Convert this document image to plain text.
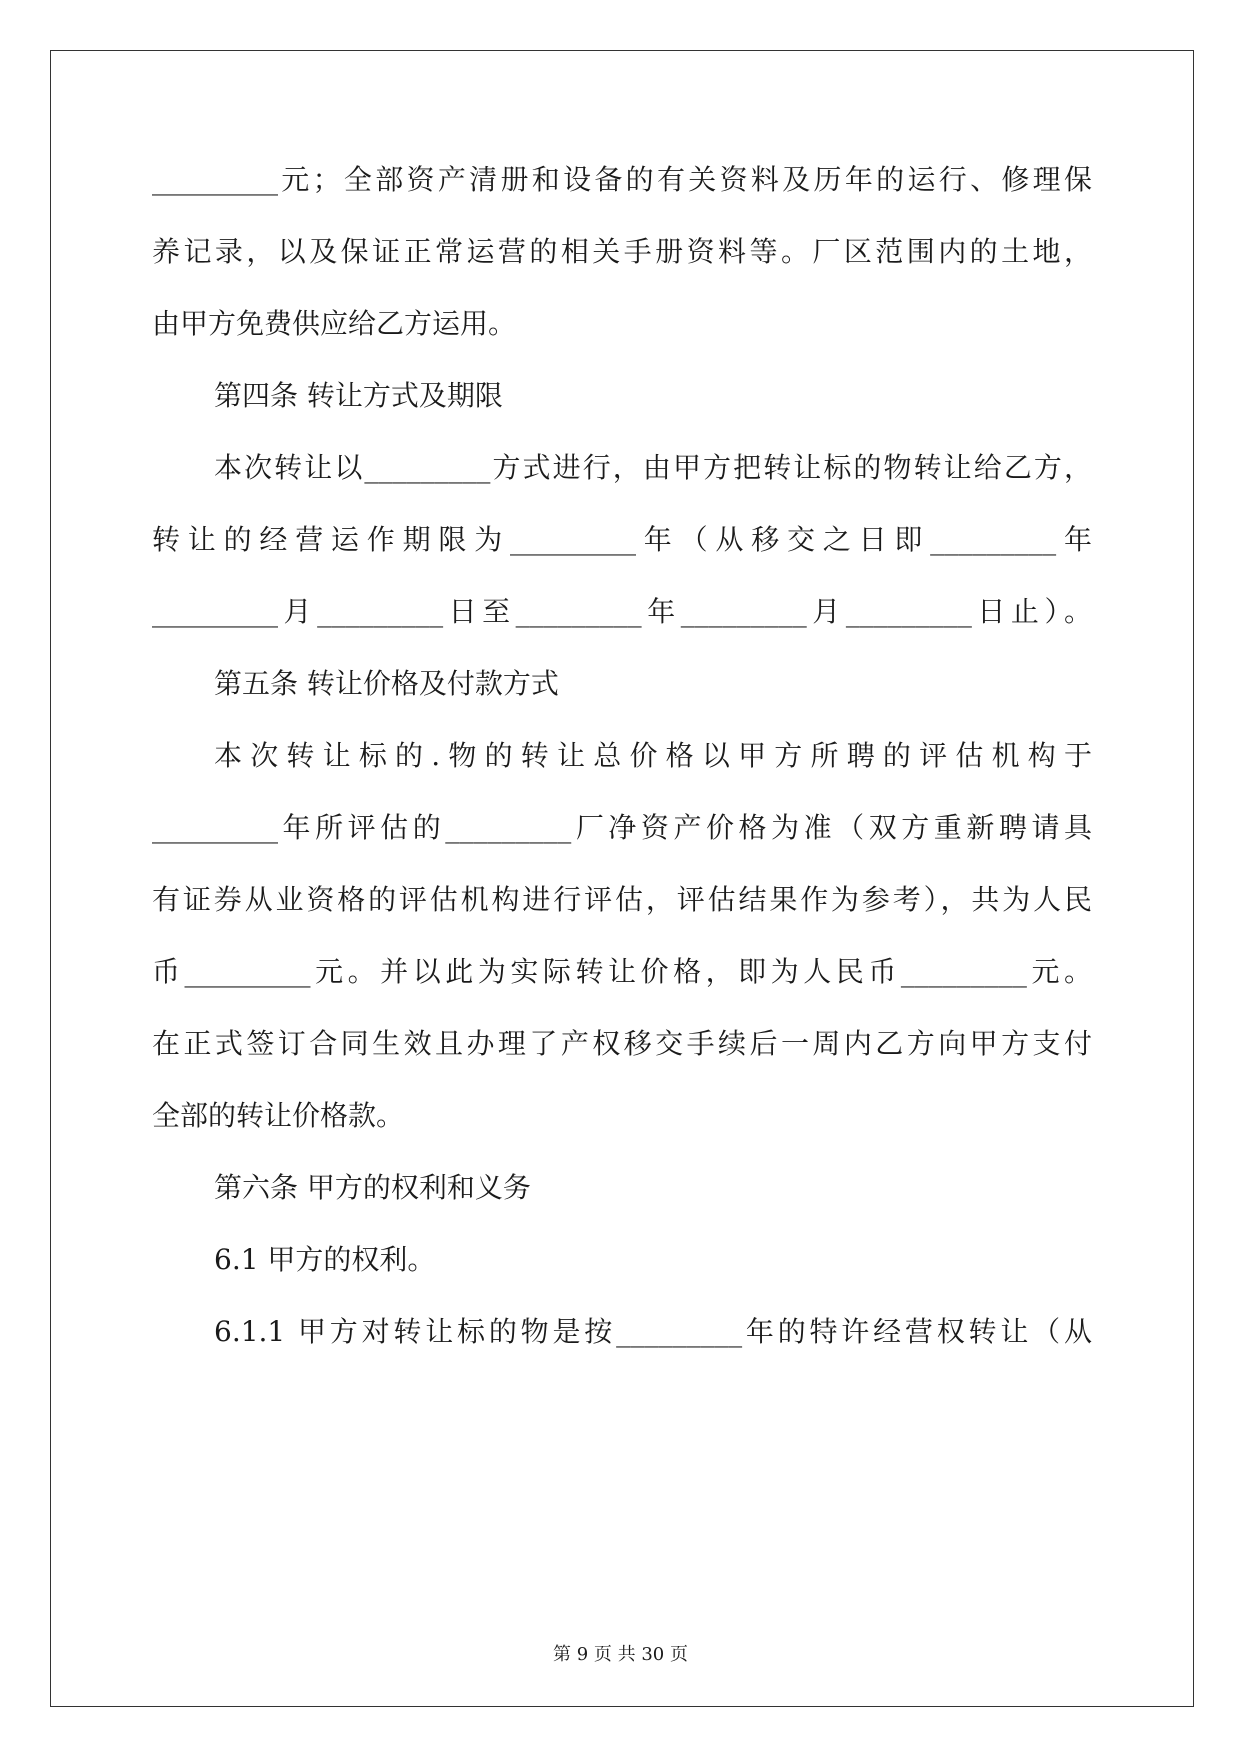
_________元；全部资产清册和设备的有关资料及历年的运行、修理保
养记录，以及保证正常运营的相关手册资料等。厂区范围内的土地，
由甲方免费供应给乙方运用。
第四条 转让方式及期限
本次转让以_________方式进行，由甲方把转让标的物转让给乙方，
转让的经营运作期限为_________年（从移交之日即_________年
_________月_________日至_________年_________月_________日止）。
第五条 转让价格及付款方式
本次转让标的.物的转让总价格以甲方所聘的评估机构于
_________年所评估的_________厂净资产价格为准（双方重新聘请具
有证券从业资格的评估机构进行评估，评估结果作为参考），共为人民
币_________元。并以此为实际转让价格，即为人民币_________元。
在正式签订合同生效且办理了产权移交手续后一周内乙方向甲方支付
全部的转让价格款。
第六条 甲方的权利和义务
6.1 甲方的权利。
6.1.1 甲方对转让标的物是按_________年的特许经营权转让（从
第 9 页 共 30 页
